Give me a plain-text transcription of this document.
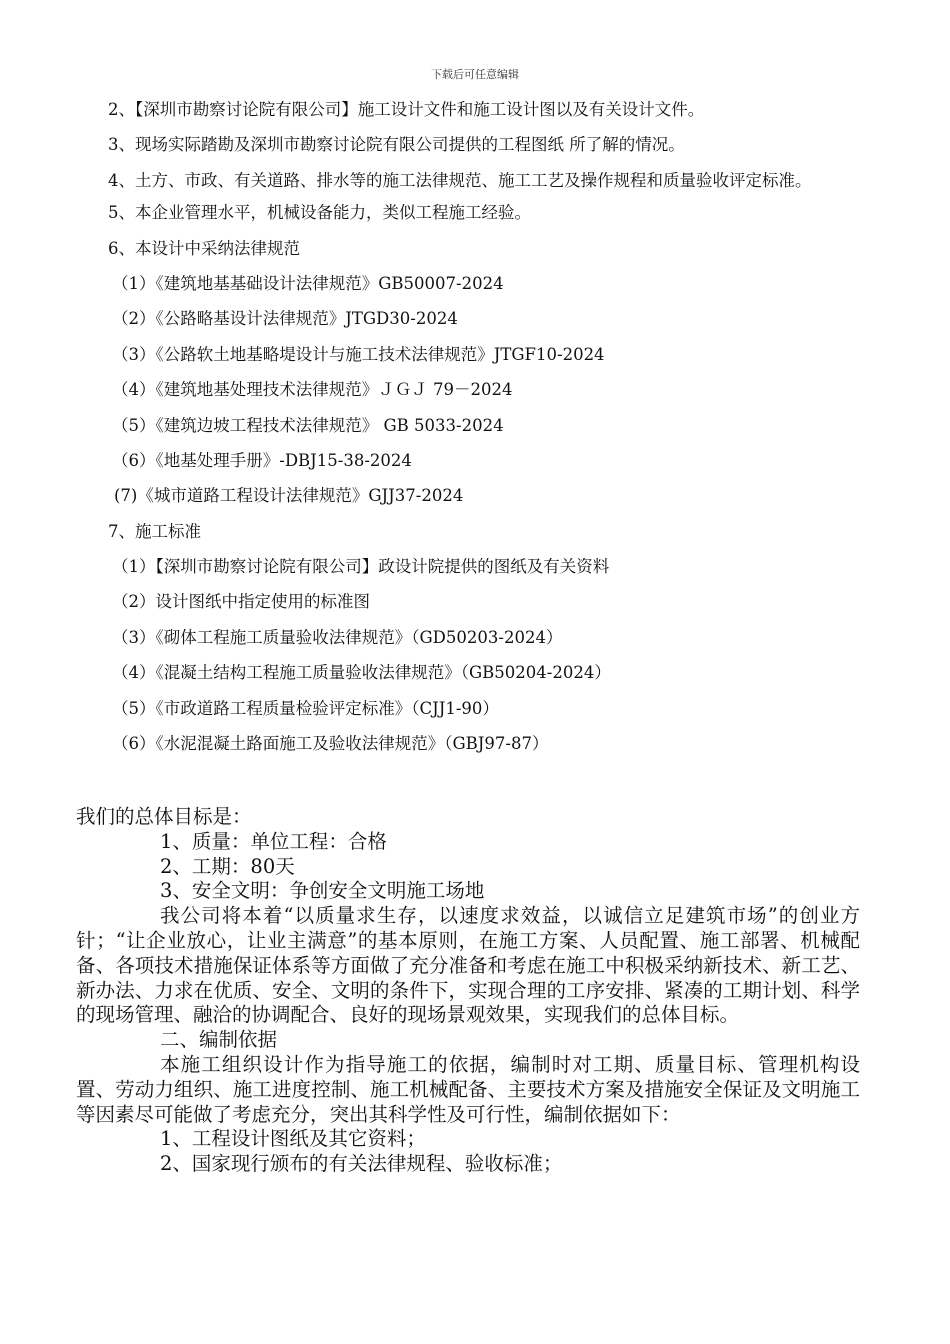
下载后可任意编辑

2、【深圳市勘察讨论院有限公司】施工设计文件和施工设计图以及有关设计文件。

3、现场实际踏勘及深圳市勘察讨论院有限公司提供的工程图纸 所了解的情况。

4、土方、市政、有关道路、排水等的施工法律规范、施工工艺及操作规程和质量验收评定标准。

5、本企业管理水平，机械设备能力，类似工程施工经验。

6、本设计中采纳法律规范

（1）《建筑地基基础设计法律规范》GB50007-2024

（2）《公路略基设计法律规范》JTGD30-2024

（3）《公路软土地基略堤设计与施工技术法律规范》JTGF10-2024

（4）《建筑地基处理技术法律规范》ＪＧＪ 79－2024

（5）《建筑边坡工程技术法律规范》 GB 5033-2024

（6）《地基处理手册》-DBJ15-38-2024

(7)《城市道路工程设计法律规范》GJJ37-2024

7、施工标准

（1）【深圳市勘察讨论院有限公司】政设计院提供的图纸及有关资料

（2）设计图纸中指定使用的标准图

（3）《砌体工程施工质量验收法律规范》（GD50203-2024）

（4）《混凝土结构工程施工质量验收法律规范》（GB50204-2024）

（5）《市政道路工程质量检验评定标准》（CJJ1-90）

（6）《水泥混凝土路面施工及验收法律规范》（GBJ97-87）

我们的总体目标是：

1、质量：单位工程：合格

2、工期：80天

3、安全文明：争创安全文明施工场地

我公司将本着“以质量求生存，以速度求效益，以诚信立足建筑市场”的创业方针；“让企业放心，让业主满意”的基本原则，在施工方案、人员配置、施工部署、机械配备、各项技术措施保证体系等方面做了充分准备和考虑在施工中积极采纳新技术、新工艺、新办法、力求在优质、安全、文明的条件下，实现合理的工序安排、紧凑的工期计划、科学的现场管理、融洽的协调配合、良好的现场景观效果，实现我们的总体目标。

二、编制依据

本施工组织设计作为指导施工的依据，编制时对工期、质量目标、管理机构设置、劳动力组织、施工进度控制、施工机械配备、主要技术方案及措施安全保证及文明施工等因素尽可能做了考虑充分，突出其科学性及可行性，编制依据如下：

1、工程设计图纸及其它资料；

2、国家现行颁布的有关法律规程、验收标准；
